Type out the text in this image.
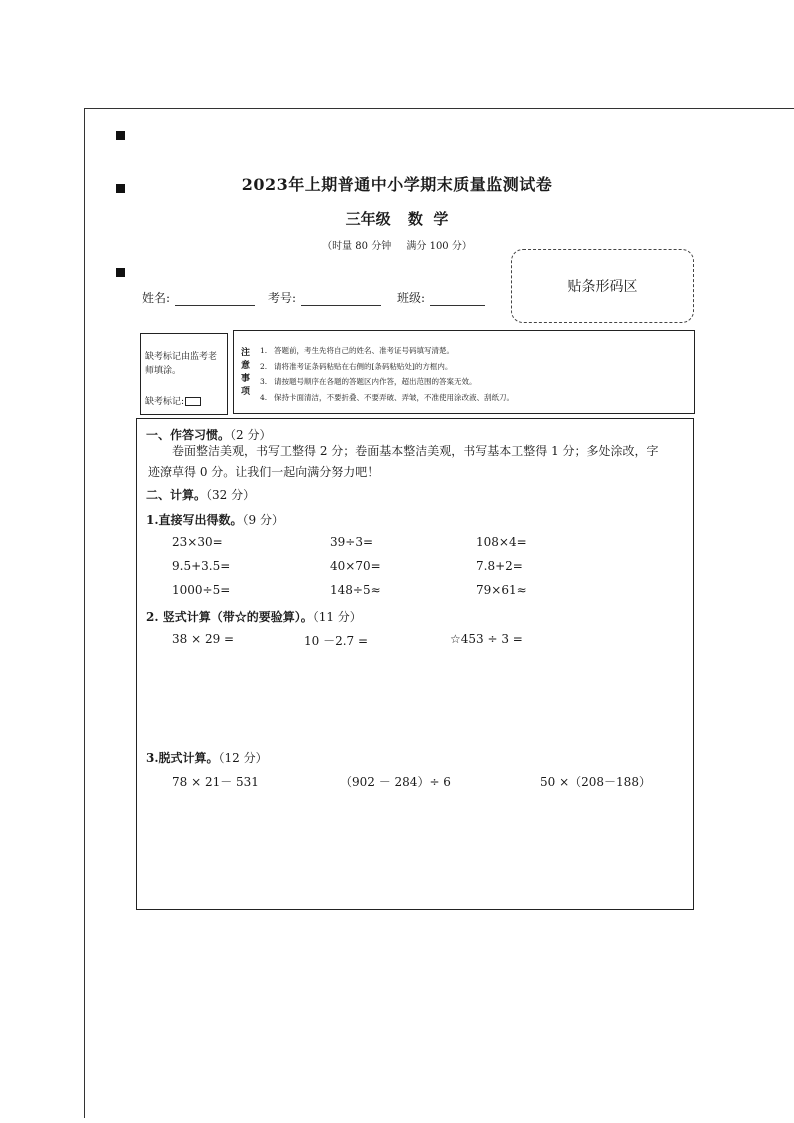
2023年上期普通中小学期末质量监测试卷
三年级 数  学
（时量 80 分钟 满分 100 分）
贴条形码区
姓名:	考号:	班级:
缺考标记由监考老师填涂。
缺考标记:
注
意
事
项
1. 答题前，考生先将自己的姓名、准考证号码填写清楚。
2. 请将准考证条码粘贴在右侧的[条码粘贴处]的方框内。
3. 请按题号顺序在各题的答题区内作答，超出范围的答案无效。
4. 保持卡面清洁，不要折叠、不要弄破、弄皱，不准使用涂改液、刮纸刀。
一、作答习惯。（2 分）
卷面整洁美观，书写工整得 2 分；卷面基本整洁美观，书写基本工整得 1 分；多处涂改，字
迹潦草得 0 分。让我们一起向满分努力吧！
二、计算。（32 分）
1.直接写出得数。（9 分）
23×30=	39÷3=	108×4=
9.5+3.5=	40×70=	7.8+2=
1000÷5=	148÷5≈	79×61≈
2. 竖式计算（带☆的要验算）。（11 分）
38 × 29 =	10 －2.7 =	☆453 ÷ 3 =
3.脱式计算。（12 分）
78 × 21－ 531	（902 － 284）÷ 6	50 ×（208－188）
